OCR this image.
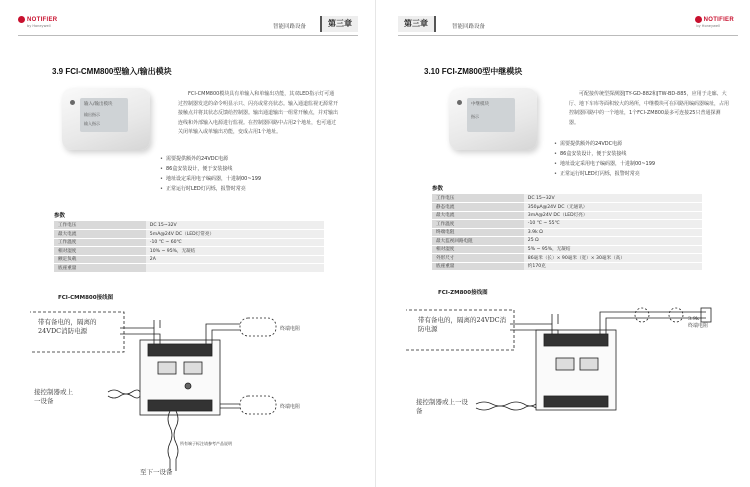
NOTIFIER
by Honeywell	智能回路设备	第三章
3.9 FCI-CMM800型输入/输出模块
输入/输出模块
输出指示
输入指示
FCI-CMM800模块具有单输入和单输出功能，其双LED指示灯可通过控制器发送的命令明显示只、闪亮或常亮状态。输入通道监视无源常开接触点并将其状态反馈给控制器。输出通道输出一组常开触点，并对输出连线和外部输入电源进行监视。在控制器回路中占用2个地址，也可通过关闭单输入或单输出功能，变成占用1个地址。
• 需要提供额外的24VDC电源
• 86盒安装设计，便于安装接线
• 地址设定采用电子编码器，十进制00~199
• 正常运行时LED灯闪烁，报警时常亮
参数
工作电压	DC 15~32V
最大电流	5mA@24V DC（LED灯常亮）
工作温度	-10 ℃ ~ 60℃
相对湿度	10% ~ 95%，无凝结
额定负载	2A
底座重量	
FCI-CMM800接线图
带有备电的，隔离的24VDC消防电源
接控制器或上一设备
至下一设备
终端电阻
终端电阻
所有端子标注请参考产品说明
第三章	智能回路设备
NOTIFIER
by Honeywell
3.10 FCI-ZM800型中继模块
中继模块
指示
可配接传统型探测器JTY-GD-882和JTW-BD-885，应用于走廊、大厅、地下车库等面积较大的场所，中继模块可在回路用编码器编址，占用控制器回路中的一个地址，1个FCI-ZM800最多可连接25只普通探测器。
• 需要提供额外的24VDC电源
• 86盒安装设计，便于安装接线
• 地址设定采用电子编码器，十进制00~199
• 正常运行时LED灯闪烁，报警时常亮
参数
工作电压	DC 15~32V
静态电流	350μA@24V DC（无通讯）
最大电流	3mA@24V DC（LED灯亮）
工作温度	-10 ℃ ~ 55℃
终端电阻	3.9k Ω
最大监视回路电阻	25 Ω
相对湿度	5% ~ 95%，无凝结
外形尺寸	86毫米（长）× 90毫米（宽）× 30毫米（高）
底座重量	约170克
FCI-ZM800接线图
带有备电的，隔离的24VDC消防电源
接控制器或上一设备
3.9k
终端电阻
